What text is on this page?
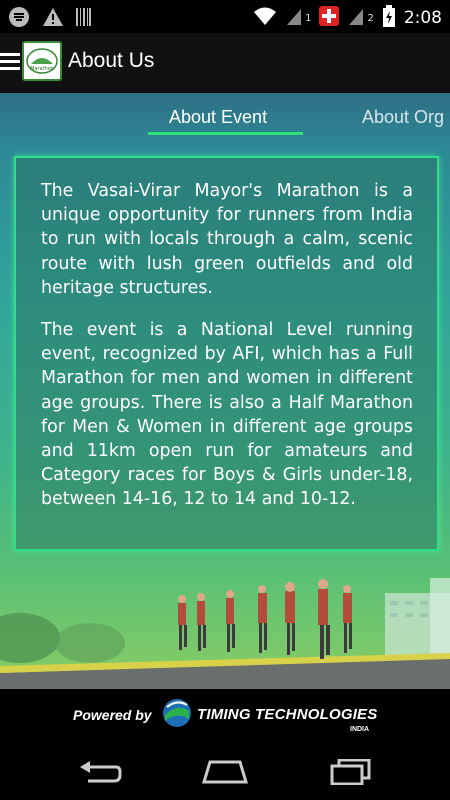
1	2 2:08
Marathon About Us
About Event	About Org

The Vasai-Virar Mayor's Marathon is a unique opportunity for runners from India to run with locals through a calm, scenic route with lush green outfields and old heritage structures.

The event is a National Level running event, recognized by AFI, which has a Full Marathon for men and women in different age groups. There is also a Half Marathon for Men & Women in different age groups and 11km open run for amateurs and Category races for Boys & Girls under-18, between 14-16, 12 to 14 and 10-12.

Powered by	TIMING TECHNOLOGIES
INDIA
